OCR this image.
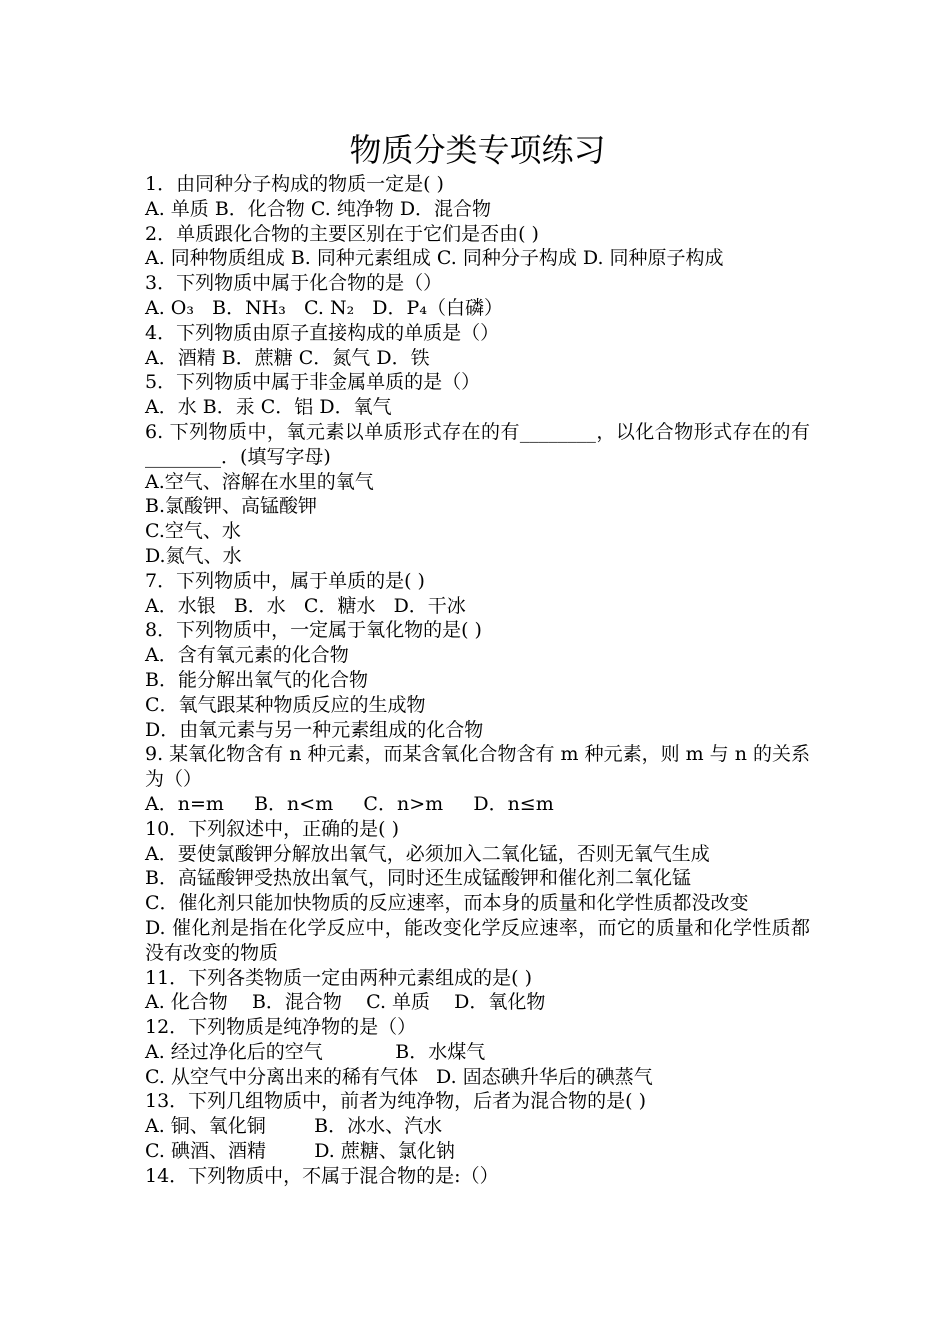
物质分类专项练习
1．由同种分子构成的物质一定是( )
A. 单质 B．化合物 C. 纯净物 D．混合物
2．单质跟化合物的主要区别在于它们是否由( )
A. 同种物质组成 B. 同种元素组成 C. 同种分子构成 D. 同种原子构成
3．下列物质中属于化合物的是（）
A. O₃   B．NH₃   C. N₂   D．P₄（白磷）
4．下列物质由原子直接构成的单质是（）
A．酒精 B．蔗糖 C．氮气 D．铁
5．下列物质中属于非金属单质的是（）
A．水 B．汞 C．铝 D．氧气
6. 下列物质中，氧元素以单质形式存在的有________，以化合物形式存在的有________．(填写字母)
A.空气、溶解在水里的氧气
B.氯酸钾、高锰酸钾
C.空气、水
D.氮气、水
7．下列物质中，属于单质的是( )
A．水银   B．水   C．糖水   D．干冰
8．下列物质中，一定属于氧化物的是( )
A．含有氧元素的化合物
B．能分解出氧气的化合物
C．氧气跟某种物质反应的生成物
D．由氧元素与另一种元素组成的化合物
9. 某氧化物含有 n 种元素，而某含氧化合物含有 m 种元素，则 m 与 n 的关系为（）
A．n=m     B．n<m     C．n>m     D．n≤m
10．下列叙述中，正确的是( )
A．要使氯酸钾分解放出氧气，必须加入二氧化锰，否则无氧气生成
B．高锰酸钾受热放出氧气，同时还生成锰酸钾和催化剂二氧化锰
C．催化剂只能加快物质的反应速率，而本身的质量和化学性质都没改变
D. 催化剂是指在化学反应中，能改变化学反应速率，而它的质量和化学性质都没有改变的物质
11．下列各类物质一定由两种元素组成的是( )
A. 化合物    B．混合物    C. 单质    D．氧化物
12．下列物质是纯净物的是（）
A. 经过净化后的空气            B．水煤气
C. 从空气中分离出来的稀有气体   D. 固态碘升华后的碘蒸气
13．下列几组物质中，前者为纯净物，后者为混合物的是( )
A. 铜、氧化铜        B．冰水、汽水
C. 碘酒、酒精        D. 蔗糖、氯化钠
14．下列物质中，不属于混合物的是:（）
